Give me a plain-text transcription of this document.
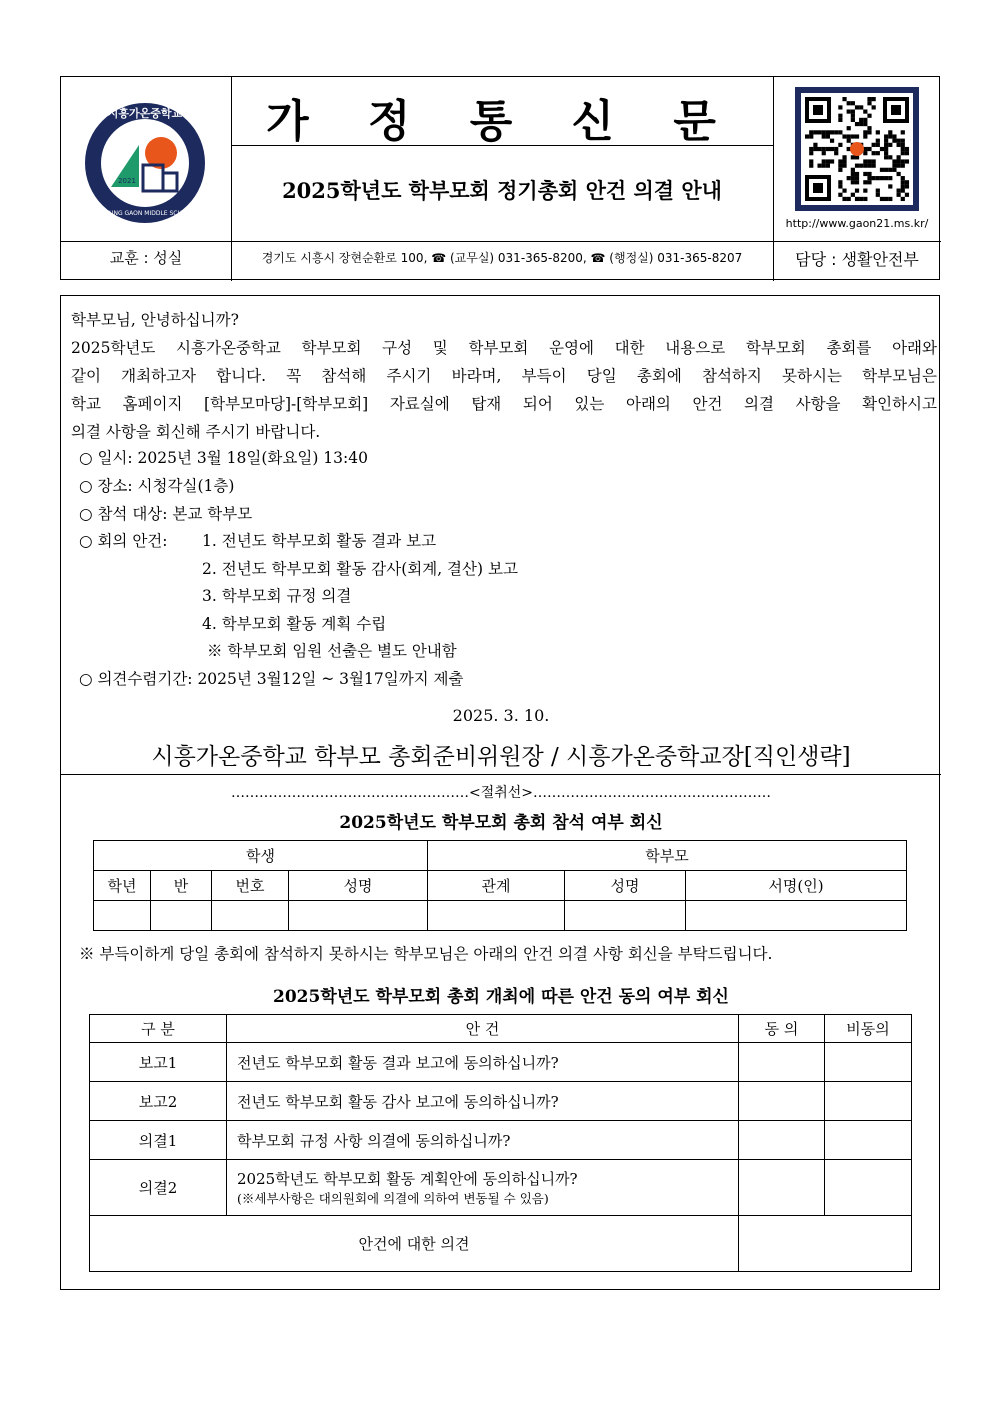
시흥가온중학교
2021
SIHEUNG GAON MIDDLE SCHOOL
가 정 통 신 문
2025학년도 학부모회 정기총회 안건 의결 안내
http://www.gaon21.ms.kr/
교훈 : 성실	경기도 시흥시 장현순환로 100, ☎ (교무실) 031-365-8200, ☎ (행정실) 031-365-8207	담당 : 생활안전부
학부모님, 안녕하십니까?
2025학년도 시흥가온중학교 학부모회 구성 및 학부모회 운영에 대한 내용으로 학부모회 총회를 아래와
같이 개최하고자 합니다. 꼭 참석해 주시기 바라며, 부득이 당일 총회에 참석하지 못하시는 학부모님은
학교 홈페이지 [학부모마당]-[학부모회] 자료실에 탑재 되어 있는 아래의 안건 의결 사항을 확인하시고
의결 사항을 회신해 주시기 바랍니다.
○ 일시: 2025년 3월 18일(화요일) 13:40
○ 장소: 시청각실(1층)
○ 참석 대상: 본교 학부모
○ 회의 안건: 1. 전년도 학부모회 활동 결과 보고
2. 전년도 학부모회 활동 감사(회계, 결산) 보고
3. 학부모회 규정 의결
4. 학부모회 활동 계획 수립
※ 학부모회 임원 선출은 별도 안내함
○ 의견수렴기간: 2025년 3월12일 ~ 3월17일까지 제출
2025. 3. 10.
시흥가온중학교 학부모 총회준비위원장 / 시흥가온중학교장[직인생략]
……………………………………………<절취선>……………………………………………
2025학년도 학부모회 총회 참석 여부 회신
학생				학부모		
학년	반	번호	성명	관계	성명	서명(인)

※ 부득이하게 당일 총회에 참석하지 못하시는 학부모님은 아래의 안건 의결 사항 회신을 부탁드립니다.
2025학년도 학부모회 총회 개최에 따른 안건 동의 여부 회신
구 분	안 건	동 의	비동의
보고1	전년도 학부모회 활동 결과 보고에 동의하십니까?		
보고2	전년도 학부모회 활동 감사 보고에 동의하십니까?		
의결1	학부모회 규정 사항 의결에 동의하십니까?		
의결2	2025학년도 학부모회 활동 계획안에 동의하십니까?
(※세부사항은 대의원회에 의결에 의하여 변동될 수 있음)		

안건에 대한 의견			
